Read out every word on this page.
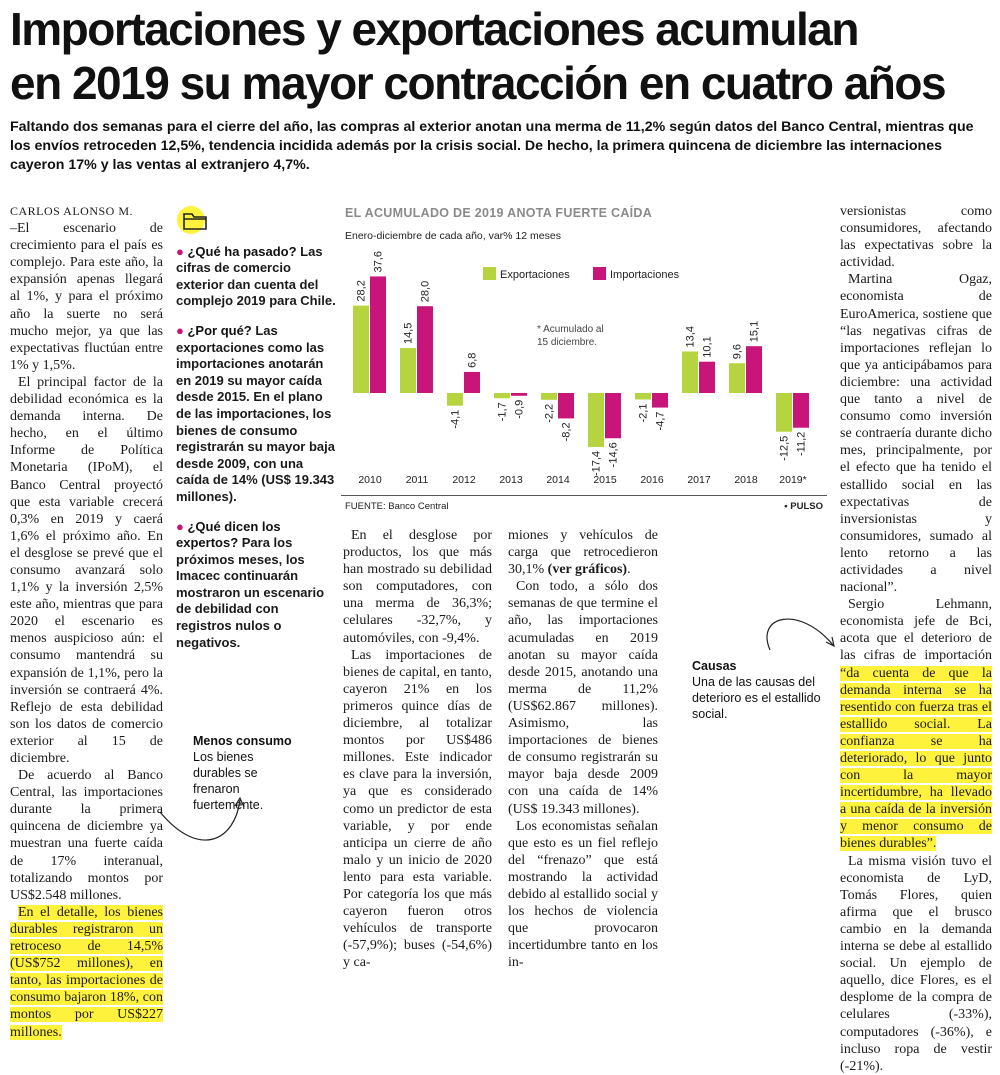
Importaciones y exportaciones acumulan
en 2019 su mayor contracción en cuatro años
Faltando dos semanas para el cierre del año, las compras al exterior anotan una merma de 11,2% según datos del Banco Central, mientras que los envíos retroceden 12,5%, tendencia incidida además por la crisis social. De hecho, la primera quincena de diciembre las internaciones cayeron 17% y las ventas al extranjero 4,7%.
CARLOS ALONSO M.

–El escenario de crecimiento para el país es complejo. Para este año, la expansión apenas llegará al 1%, y para el próximo año la suerte no será mucho mejor, ya que las expectativas fluctúan entre 1% y 1,5%.

El principal factor de la debilidad económica es la demanda interna. De hecho, en el último Informe de Política Monetaria (IPoM), el Banco Central proyectó que esta variable crecerá 0,3% en 2019 y caerá 1,6% el próximo año. En el desglose se prevé que el consumo avanzará solo 1,1% y la inversión 2,5% este año, mientras que para 2020 el escenario es menos auspicioso aún: el consumo mantendrá su expansión de 1,1%, pero la inversión se contraerá 4%. Reflejo de esta debilidad son los datos de comercio exterior al 15 de diciembre.

De acuerdo al Banco Central, las importaciones durante la primera quincena de diciembre ya muestran una fuerte caída de 17% interanual, totalizando montos por US$2.548 millones.

En el detalle, los bienes durables registraron un retroceso de 14,5% (US$752 millones), en tanto, las importaciones de consumo bajaron 18%, con montos por US$227 millones.

● ¿Qué ha pasado? Las cifras de comercio exterior dan cuenta del complejo 2019 para Chile.

● ¿Por qué? Las exportaciones como las importaciones anotarán en 2019 su mayor caída desde 2015. En el plano de las importaciones, los bienes de consumo registrarán su mayor baja desde 2009, con una caída de 14% (US$ 19.343 millones).

● ¿Qué dicen los expertos? Para los próximos meses, los Imacec continuarán mostraron un escenario de debilidad con registros nulos o negativos.

EL ACUMULADO DE 2019 ANOTA FUERTE CAÍDA
Enero-diciembre de cada año, var% 12 meses
28,2
37,6
2010
14,5
28,0
2011
-4,1
6,8
2012
-1,7 -0,9
2013
-2,2
-8,2
2014
-17,4 -14,6
2015
-2,1 -4,7
2016
13,4 10,1
2017
9,6
15,1
2018
-12,5 -11,2
2019*
Exportaciones	Importaciones
* Acumulado al
15 diciembre.
FUENTE: Banco Central	• PULSO

En el desglose por productos, los que más han mostrado su debilidad son computadores, con una merma de 36,3%; celulares -32,7%, y automóviles, con -9,4%.

Las importaciones de bienes de capital, en tanto, cayeron 21% en los primeros quince días de diciembre, al totalizar montos por US$486 millones. Este indicador es clave para la inversión, ya que es considerado como un predictor de esta variable, y por ende anticipa un cierre de año malo y un inicio de 2020 lento para esta variable. Por categoría los que más cayeron fueron otros vehículos de transporte (-57,9%); buses (-54,6%) y ca-

miones y vehículos de carga que retrocedieron 30,1% (ver gráficos).

Con todo, a sólo dos semanas de que termine el año, las importaciones acumuladas en 2019 anotan su mayor caída desde 2015, anotando una merma de 11,2% (US$62.867 millones). Asimismo, las importaciones de bienes de consumo registrarán su mayor baja desde 2009 con una caída de 14% (US$ 19.343 millones).

Los economistas señalan que esto es un fiel reflejo del “frenazo” que está mostrando la actividad debido al estallido social y los hechos de violencia que provocaron incertidumbre tanto en los in-

versionistas como consumidores, afectando las expectativas sobre la actividad.

Martina Ogaz, economista de EuroAmerica, sostiene que “las negativas cifras de importaciones reflejan lo que ya anticipábamos para diciembre: una actividad que tanto a nivel de consumo como inversión se contraería durante dicho mes, principalmente, por el efecto que ha tenido el estallido social en las expectativas de inversionistas y consumidores, sumado al lento retorno a las actividades a nivel nacional”.

Sergio Lehmann, economista jefe de Bci, acota que el deterioro de las cifras de importación “da cuenta de que la demanda interna se ha resentido con fuerza tras el estallido social. La confianza se ha deteriorado, lo que junto con la mayor incertidumbre, ha llevado a una caída de la inversión y menor consumo de bienes durables”.

La misma visión tuvo el economista de LyD, Tomás Flores, quien afirma que el brusco cambio en la demanda interna se debe al estallido social. Un ejemplo de aquello, dice Flores, es el desplome de la compra de celulares (-33%), computadores (-36%), e incluso ropa de vestir (-21%).

Menos consumo
Los bienes durables se frenaron fuertemente.
Causas
Una de las causas del deterioro es el estallido social.
